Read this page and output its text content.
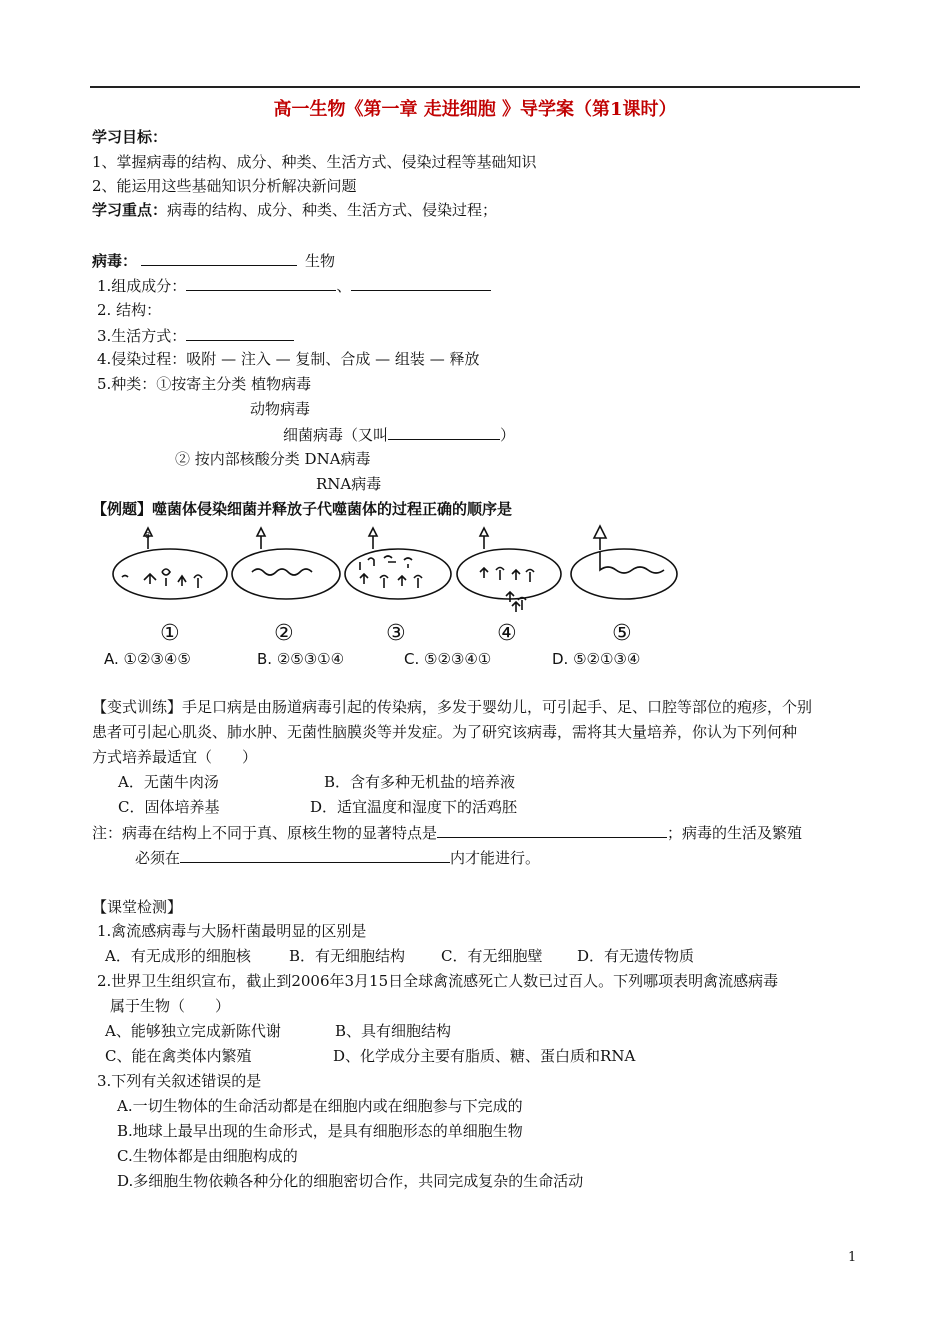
高一生物《第一章 走进细胞 》导学案（第1课时）
学习目标：
1、掌握病毒的结构、成分、种类、生活方式、侵染过程等基础知识
2、能运用这些基础知识分析解决新问题
学习重点：病毒的结构、成分、种类、生活方式、侵染过程；
病毒：	生物
1.组成成分：	、
2. 结构：
3.生活方式：
4.侵染过程：吸附 — 注入 — 复制、合成 — 组装 — 释放
5.种类：①按寄主分类 植物病毒
动物病毒
细菌病毒（又叫	）
② 按内部核酸分类 DNA病毒
RNA病毒
【例题】噬菌体侵染细菌并释放子代噬菌体的过程正确的顺序是
8
①	②	③	④	⑤
A. ①②③④⑤	B. ②⑤③①④	C. ⑤②③④①	D. ⑤②①③④
【变式训练】手足口病是由肠道病毒引起的传染病，多发于婴幼儿，可引起手、足、口腔等部位的疱疹，个别
患者可引起心肌炎、肺水肿、无菌性脑膜炎等并发症。为了研究该病毒，需将其大量培养，你认为下列何种
方式培养最适宜（　　）
A．无菌牛肉汤	B．含有多种无机盐的培养液
C．固体培养基	D．适宜温度和湿度下的活鸡胚
注：病毒在结构上不同于真、原核生物的显著特点是	；病毒的生活及繁殖
必须在	内才能进行。
【课堂检测】
1.禽流感病毒与大肠杆菌最明显的区别是
A．有无成形的细胞核	B．有无细胞结构 C．有无细胞壁 D．有无遗传物质
2.世界卫生组织宣布，截止到2006年3月15日全球禽流感死亡人数已过百人。下列哪项表明禽流感病毒
属于生物（　　）
A、能够独立完成新陈代谢	B、具有细胞结构
C、能在禽类体内繁殖	D、化学成分主要有脂质、糖、蛋白质和RNA
3.下列有关叙述错误的是
A.一切生物体的生命活动都是在细胞内或在细胞参与下完成的
B.地球上最早出现的生命形式，是具有细胞形态的单细胞生物
C.生物体都是由细胞构成的
D.多细胞生物依赖各种分化的细胞密切合作，共同完成复杂的生命活动
1
